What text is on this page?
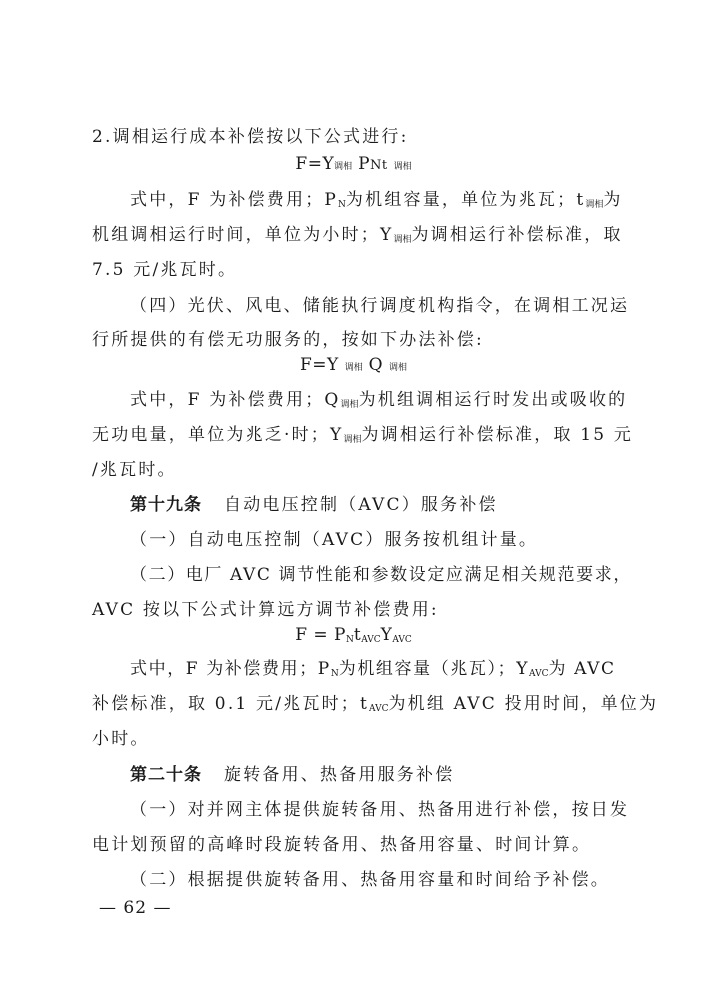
2.调相运行成本补偿按以下公式进行:
F=Y调相 PNt 调相
式中，F 为补偿费用；$P_N$为机组容量，单位为兆瓦；$t_{调相}$为
机组调相运行时间，单位为小时；$Y_{调相}$为调相运行补偿标准，取
7.5 元/兆瓦时。
（四）光伏、风电、储能执行调度机构指令，在调相工况运
行所提供的有偿无功服务的，按如下办法补偿:
F=Y 调相 Q 调相
式中，F 为补偿费用；$Q_{调相}$为机组调相运行时发出或吸收的
无功电量，单位为兆乏·时；$Y_{调相}$为调相运行补偿标准，取 15 元
/兆瓦时。
第十九条 自动电压控制（AVC）服务补偿
（一）自动电压控制（AVC）服务按机组计量。
（二）电厂 AVC 调节性能和参数设定应满足相关规范要求，
AVC 按以下公式计算远方调节补偿费用:
$F = P_Nt_{AVC}Y_{AVC}$
式中，F 为补偿费用；$P_N$为机组容量（兆瓦）；$Y_{AVC}$为 AVC
补偿标准，取 0.1 元/兆瓦时；$t_{AVC}$为机组 AVC 投用时间，单位为
小时。
第二十条 旋转备用、热备用服务补偿
（一）对并网主体提供旋转备用、热备用进行补偿，按日发
电计划预留的高峰时段旋转备用、热备用容量、时间计算。
（二）根据提供旋转备用、热备用容量和时间给予补偿。
— 62 —
